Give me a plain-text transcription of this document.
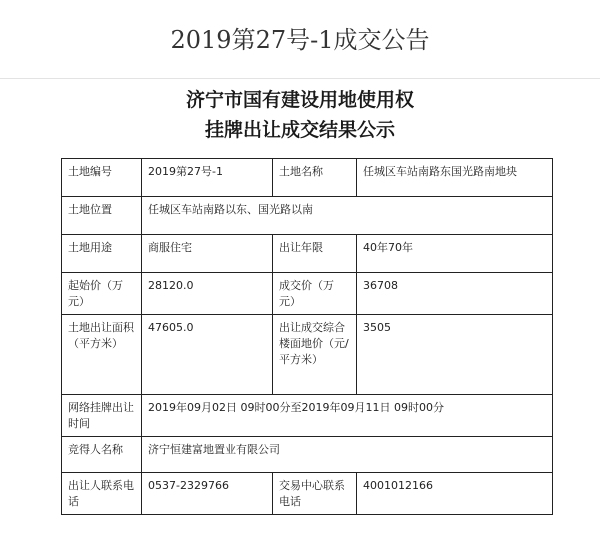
2019第27号-1成交公告
济宁市国有建设用地使用权
挂牌出让成交结果公示
土地编号	2019第27号-1	土地名称	任城区车站南路东国光路南地块
土地位置	任城区车站南路以东、国光路以南		
土地用途	商服住宅	出让年限	40年70年
起始价（万元）	28120.0	成交价（万元）	36708
土地出让面积（平方米）	47605.0	出让成交综合楼面地价（元/平方米）	3505
网络挂牌出让时间	2019年09月02日 09时00分至2019年09月11日 09时00分		
竞得人名称	济宁恒建富地置业有限公司		
出让人联系电话	0537-2329766	交易中心联系电话	4001012166
